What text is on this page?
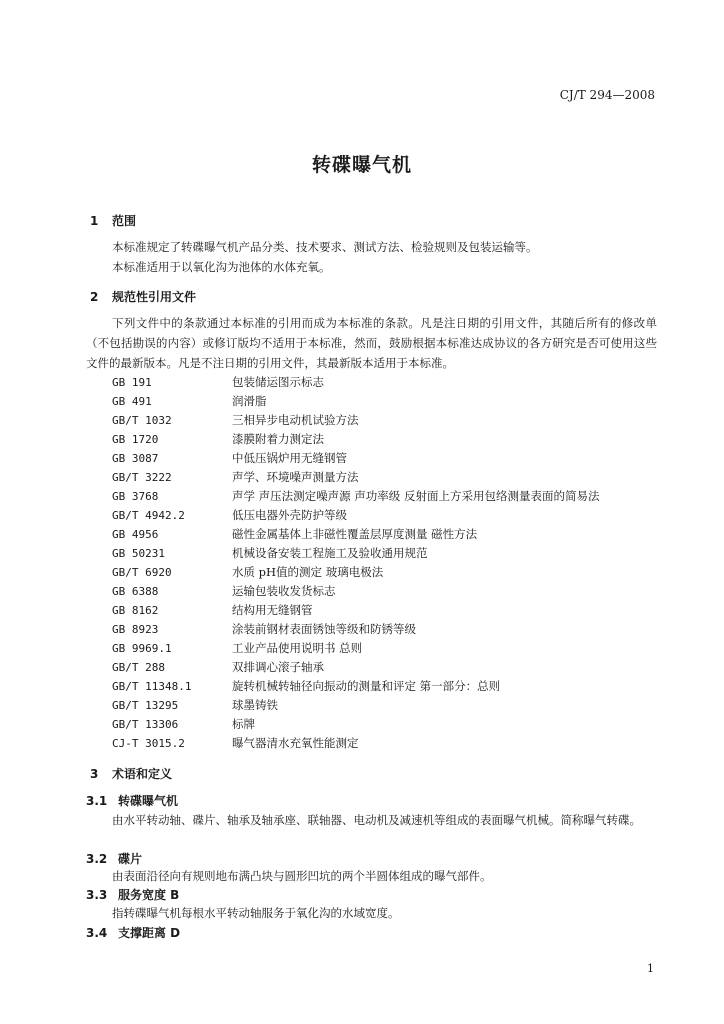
CJ/T 294—2008
转碟曝气机
1 范围
本标准规定了转碟曝气机产品分类、技术要求、测试方法、检验规则及包装运输等。
本标准适用于以氧化沟为池体的水体充氧。
2 规范性引用文件
下列文件中的条款通过本标准的引用而成为本标准的条款。凡是注日期的引用文件，其随后所有的修改单（不包括勘误的内容）或修订版均不适用于本标准，然而，鼓励根据本标准达成协议的各方研究是否可使用这些文件的最新版本。凡是不注日期的引用文件，其最新版本适用于本标准。
GB 191	包装储运图示标志
GB 491	润滑脂
GB/T 1032	三相异步电动机试验方法
GB 1720	漆膜附着力测定法
GB 3087	中低压锅炉用无缝钢管
GB/T 3222	声学、环境噪声测量方法
GB 3768	声学 声压法测定噪声源 声功率级 反射面上方采用包络测量表面的简易法
GB/T 4942.2	低压电器外壳防护等级
GB 4956	磁性金属基体上非磁性覆盖层厚度测量 磁性方法
GB 50231	机械设备安装工程施工及验收通用规范
GB/T 6920	水质 pH值的测定 玻璃电极法
GB 6388	运输包装收发货标志
GB 8162	结构用无缝钢管
GB 8923	涂装前钢材表面锈蚀等级和防锈等级
GB 9969.1	工业产品使用说明书 总则
GB/T 288	双排调心滚子轴承
GB/T 11348.1	旋转机械转轴径向振动的测量和评定 第一部分：总则
GB/T 13295	球墨铸铁
GB/T 13306	标牌
CJ-T 3015.2	曝气器清水充氧性能测定
3 术语和定义
3.1 转碟曝气机
由水平转动轴、碟片、轴承及轴承座、联轴器、电动机及减速机等组成的表面曝气机械。简称曝气转碟。
3.2 碟片
由表面沿径向有规则地布满凸块与圆形凹坑的两个半圆体组成的曝气部件。
3.3 服务宽度 B
指转碟曝气机每根水平转动轴服务于氧化沟的水域宽度。
3.4 支撑距离 D
1
